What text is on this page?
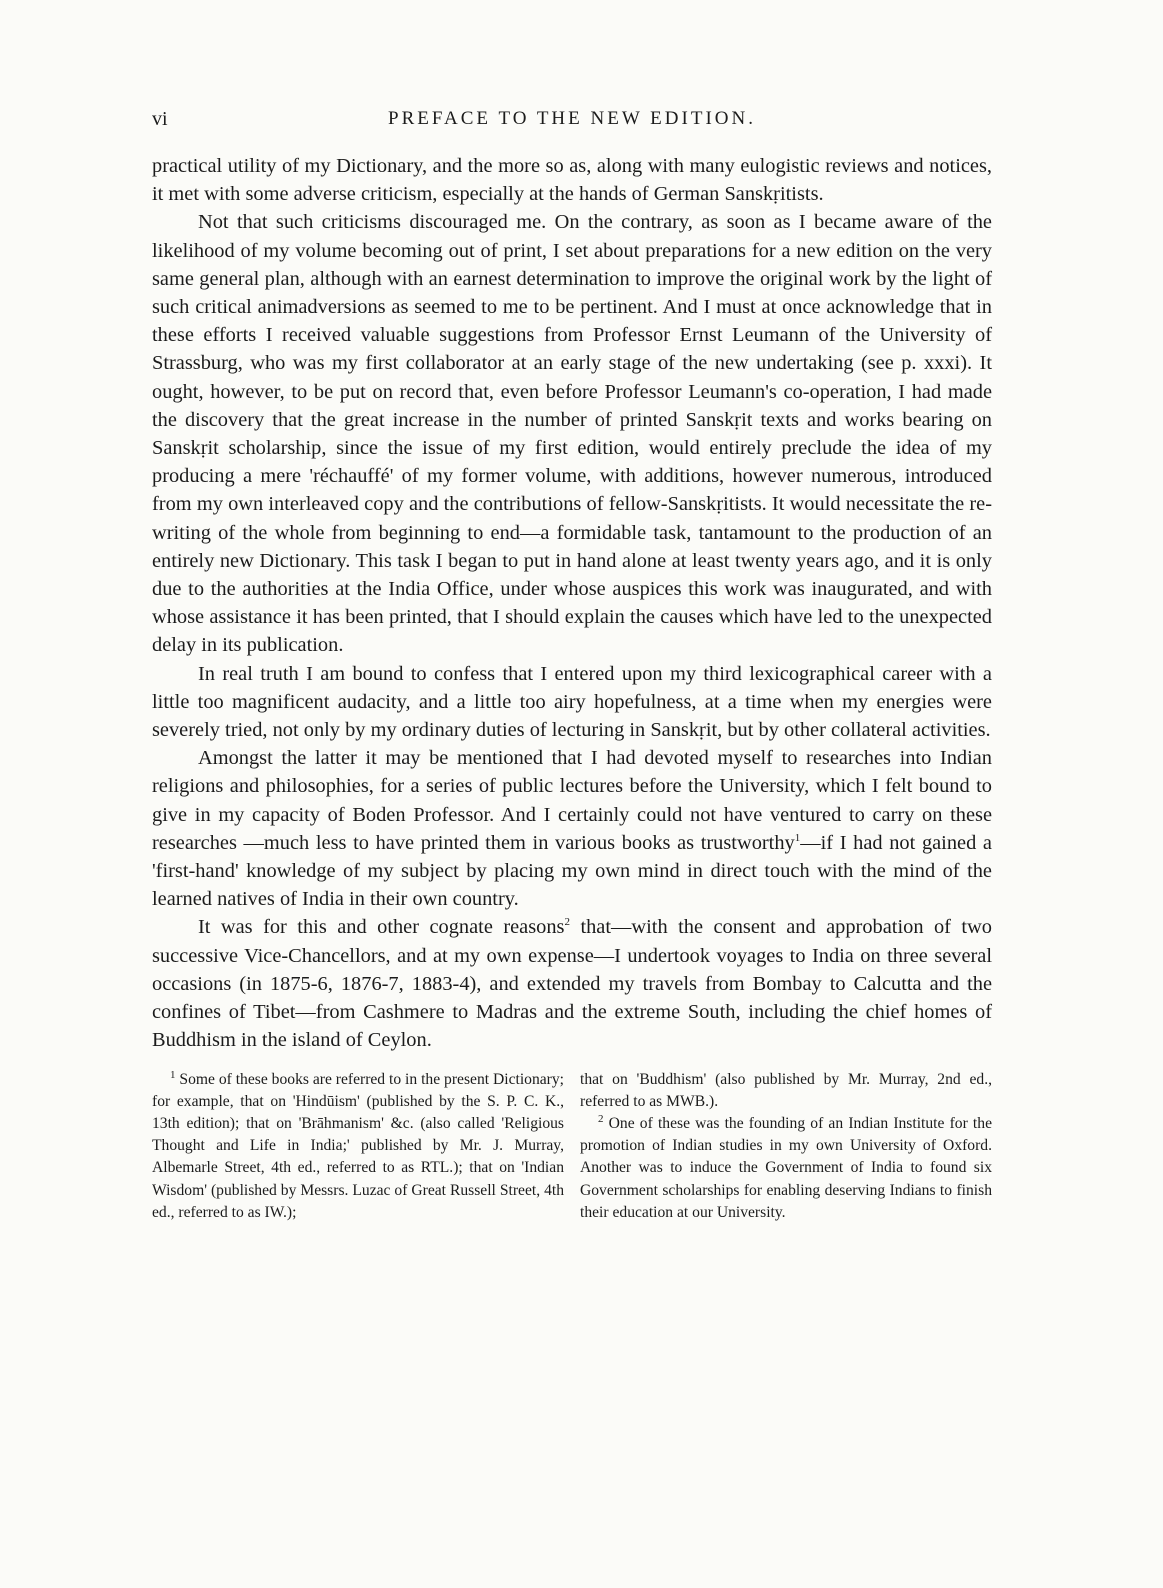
vi	PREFACE TO THE NEW EDITION.

practical utility of my Dictionary, and the more so as, along with many eulogistic reviews and notices, it met with some adverse criticism, especially at the hands of German Sanskṛitists.

Not that such criticisms discouraged me. On the contrary, as soon as I became aware of the likelihood of my volume becoming out of print, I set about preparations for a new edition on the very same general plan, although with an earnest determination to improve the original work by the light of such critical animadversions as seemed to me to be pertinent. And I must at once acknowledge that in these efforts I received valuable suggestions from Professor Ernst Leumann of the University of Strassburg, who was my first collaborator at an early stage of the new undertaking (see p. xxxi). It ought, however, to be put on record that, even before Professor Leumann's co-operation, I had made the discovery that the great increase in the number of printed Sanskṛit texts and works bearing on Sanskṛit scholarship, since the issue of my first edition, would entirely preclude the idea of my producing a mere 'réchauffé' of my former volume, with additions, however numerous, introduced from my own interleaved copy and the contributions of fellow-Sanskṛitists. It would necessitate the re-writing of the whole from beginning to end—a formidable task, tantamount to the production of an entirely new Dictionary. This task I began to put in hand alone at least twenty years ago, and it is only due to the authorities at the India Office, under whose auspices this work was inaugurated, and with whose assistance it has been printed, that I should explain the causes which have led to the unexpected delay in its publication.

In real truth I am bound to confess that I entered upon my third lexicographical career with a little too magnificent audacity, and a little too airy hopefulness, at a time when my energies were severely tried, not only by my ordinary duties of lecturing in Sanskṛit, but by other collateral activities.

Amongst the latter it may be mentioned that I had devoted myself to researches into Indian religions and philosophies, for a series of public lectures before the University, which I felt bound to give in my capacity of Boden Professor. And I certainly could not have ventured to carry on these researches —much less to have printed them in various books as trustworthy$^1$—if I had not gained a 'first-hand' knowledge of my subject by placing my own mind in direct touch with the mind of the learned natives of India in their own country.

It was for this and other cognate reasons$^2$ that—with the consent and approbation of two successive Vice-Chancellors, and at my own expense—I undertook voyages to India on three several occasions (in 1875-6, 1876-7, 1883-4), and extended my travels from Bombay to Calcutta and the confines of Tibet—from Cashmere to Madras and the extreme South, including the chief homes of Buddhism in the island of Ceylon.

$^1$ Some of these books are referred to in the present Dictionary; for example, that on 'Hindūism' (published by the S. P. C. K., 13th edition); that on 'Brāhmanism' &c. (also called 'Religious Thought and Life in India;' published by Mr. J. Murray, Albemarle Street, 4th ed., referred to as RTL.); that on 'Indian Wisdom' (published by Messrs. Luzac of Great Russell Street, 4th ed., referred to as IW.);

that on 'Buddhism' (also published by Mr. Murray, 2nd ed., referred to as MWB.).

$^2$ One of these was the founding of an Indian Institute for the promotion of Indian studies in my own University of Oxford. Another was to induce the Government of India to found six Government scholarships for enabling deserving Indians to finish their education at our University.
